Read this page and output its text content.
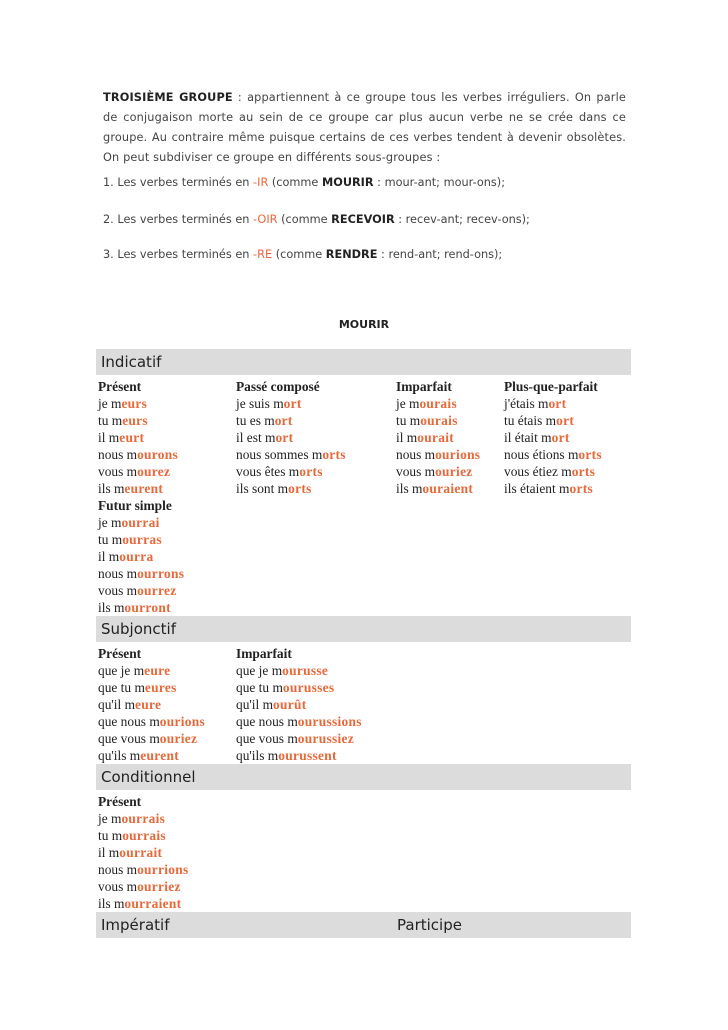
TROISIÈME GROUPE : appartiennent à ce groupe tous les verbes irréguliers. On parle de conjugaison morte au sein de ce groupe car plus aucun verbe ne se crée dans ce groupe. Au contraire même puisque certains de ces verbes tendent à devenir obsolètes. On peut subdiviser ce groupe en différents sous-groupes :
1. Les verbes terminés en -IR (comme MOURIR : mour-ant; mour-ons);
2. Les verbes terminés en -OIR (comme RECEVOIR : recev-ant; recev-ons);
3. Les verbes terminés en -RE (comme RENDRE : rend-ant; rend-ons);
MOURIR
Indicatif
Présent
je meurs
tu meurs
il meurt
nous mourons
vous mourez
ils meurent
Passé composé
je suis mort
tu es mort
il est mort
nous sommes morts
vous êtes morts
ils sont morts
Imparfait
je mourais
tu mourais
il mourait
nous mourions
vous mouriez
ils mouraient
Plus-que-parfait
j'étais mort
tu étais mort
il était mort
nous étions morts
vous étiez morts
ils étaient morts
Futur simple
je mourrai
tu mourras
il mourra
nous mourrons
vous mourrez
ils mourront
Subjonctif
Présent
que je meure
que tu meures
qu'il meure
que nous mourions
que vous mouriez
qu'ils meurent
Imparfait
que je mourusse
que tu mourusses
qu'il mourût
que nous mourussions
que vous mourussiez
qu'ils mourussent
Conditionnel
Présent
je mourrais
tu mourrais
il mourrait
nous mourrions
vous mourriez
ils mourraient
Impératif	Participe
